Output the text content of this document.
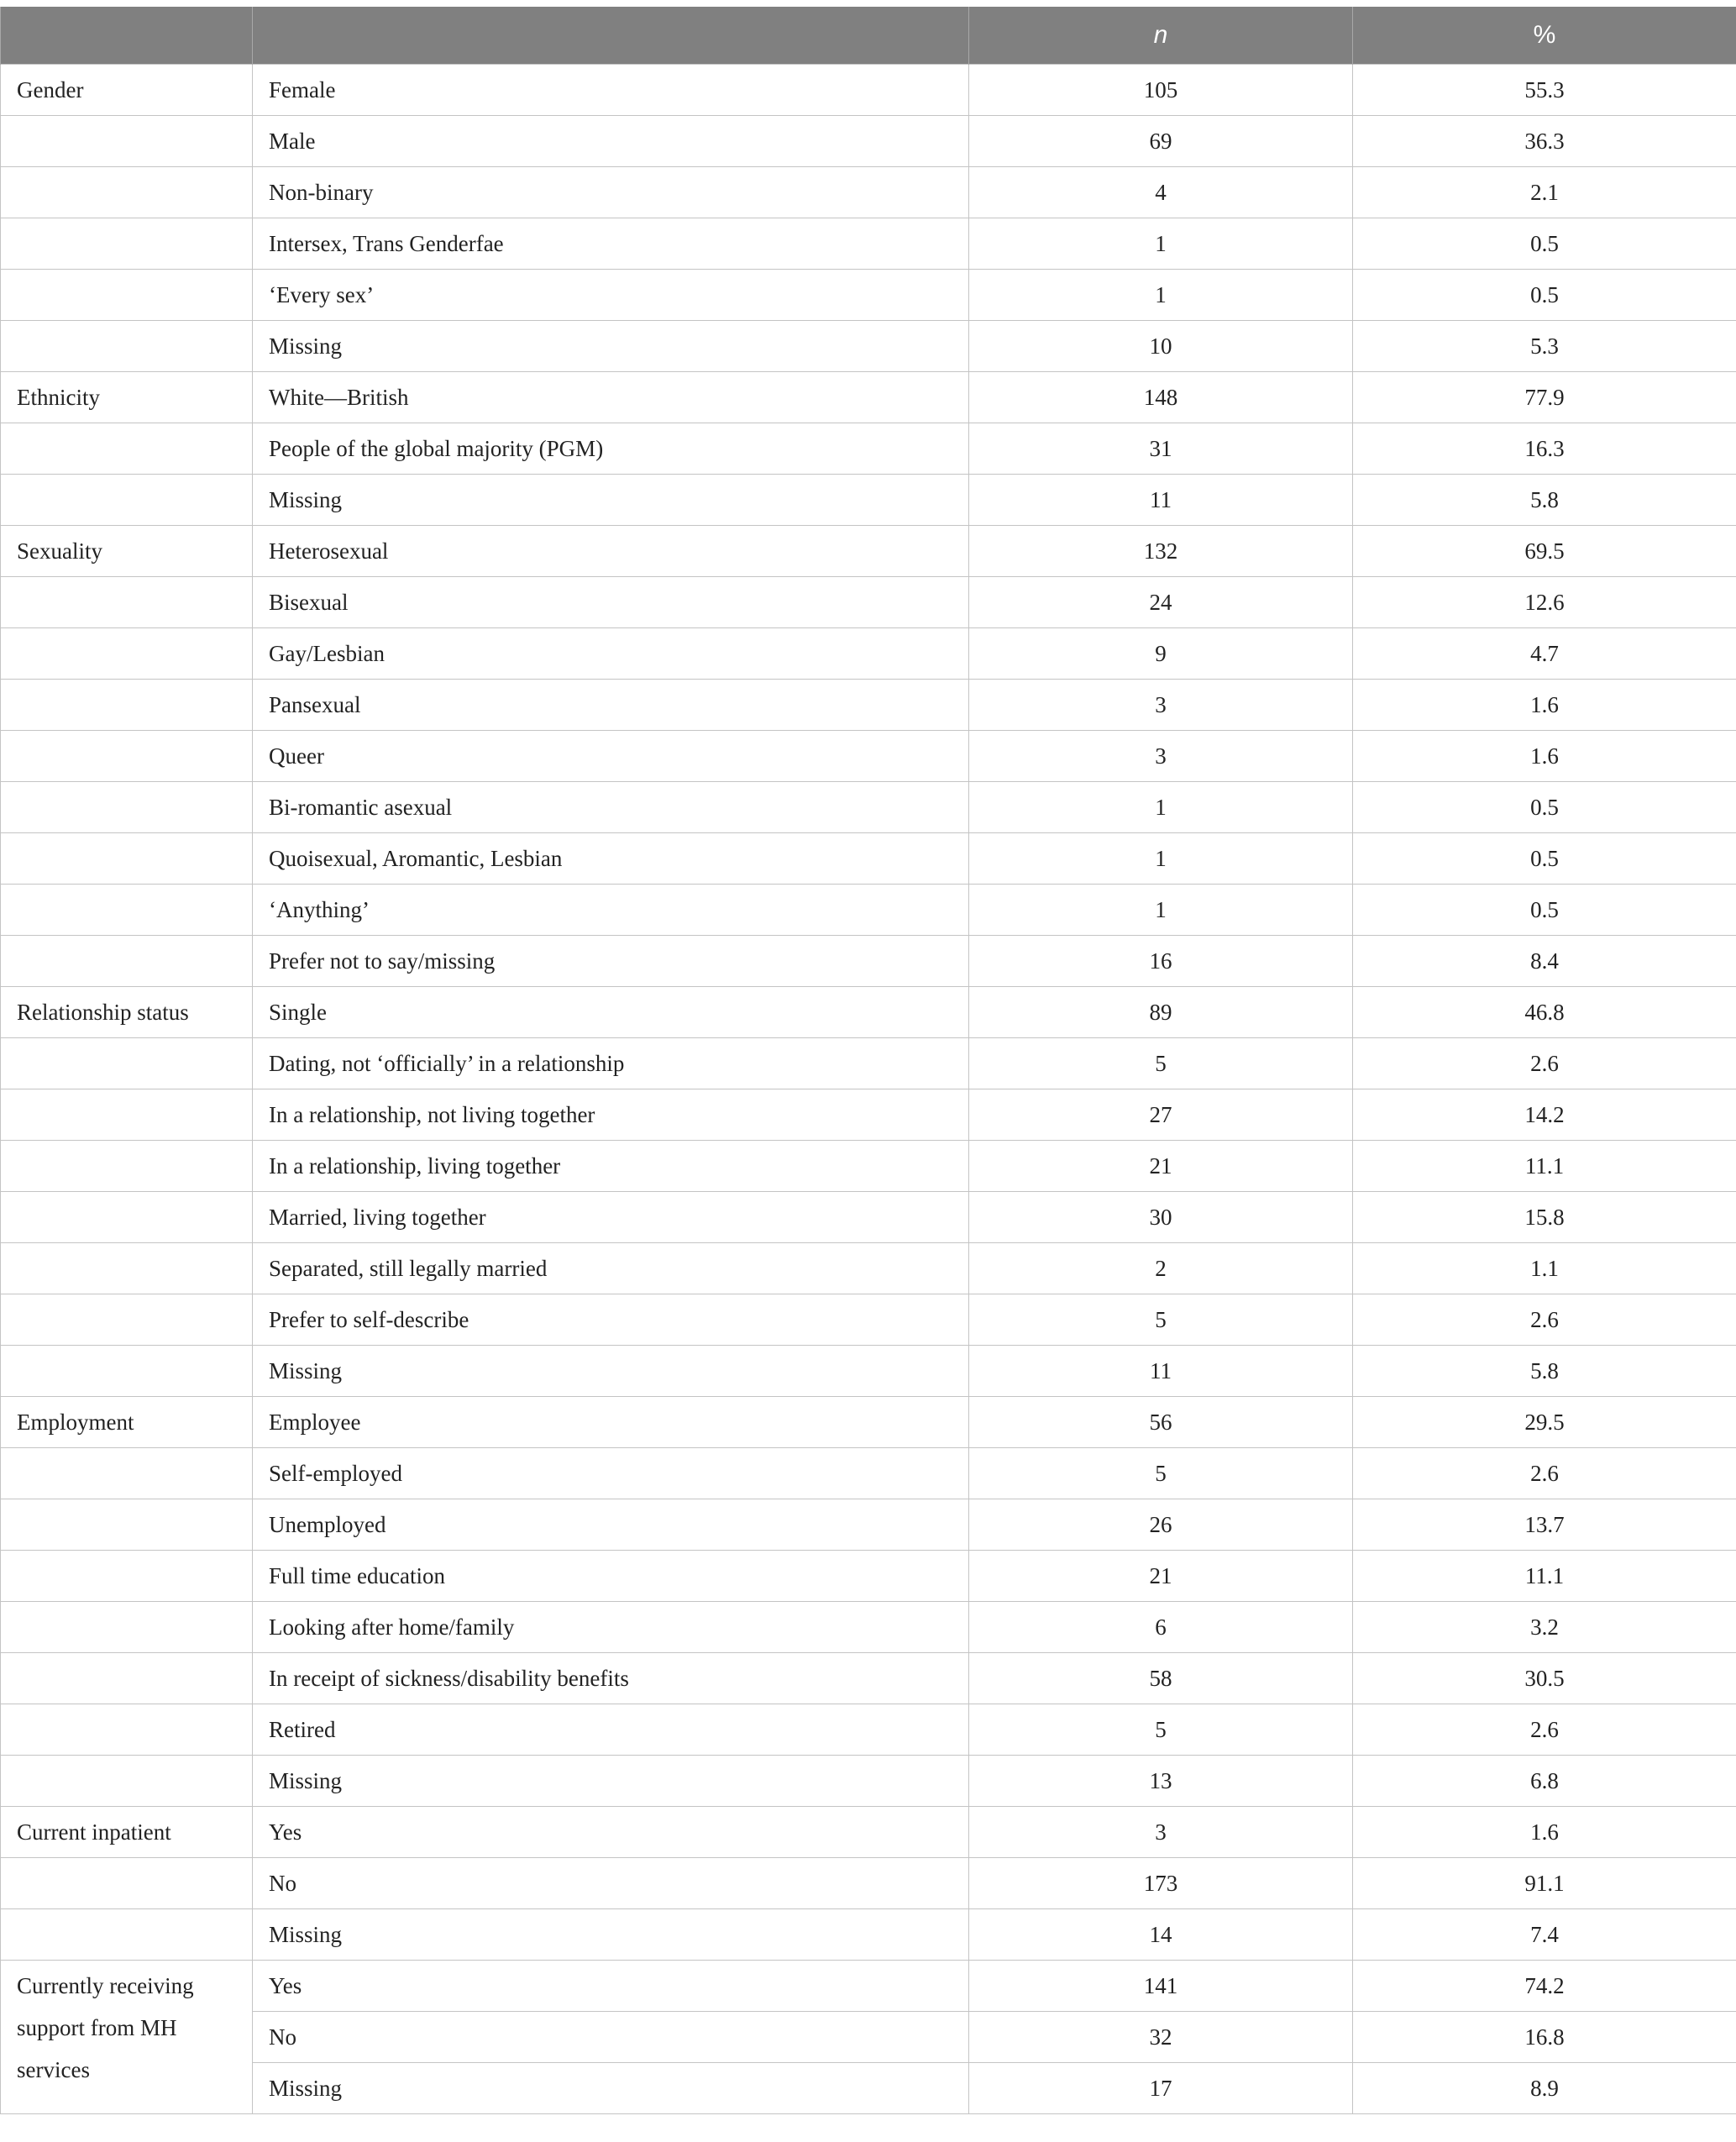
		n	%
Gender	Female	105	55.3
	Male	69	36.3
	Non-binary	4	2.1
	Intersex, Trans Genderfae	1	0.5
	‘Every sex’	1	0.5
	Missing	10	5.3
Ethnicity	White—British	148	77.9
	People of the global majority (PGM)	31	16.3
	Missing	11	5.8
Sexuality	Heterosexual	132	69.5
	Bisexual	24	12.6
	Gay/Lesbian	9	4.7
	Pansexual	3	1.6
	Queer	3	1.6
	Bi-romantic asexual	1	0.5
	Quoisexual, Aromantic, Lesbian	1	0.5
	‘Anything’	1	0.5
	Prefer not to say/missing	16	8.4
Relationship status	Single	89	46.8
	Dating, not ‘officially’ in a relationship	5	2.6
	In a relationship, not living together	27	14.2
	In a relationship, living together	21	11.1
	Married, living together	30	15.8
	Separated, still legally married	2	1.1
	Prefer to self-describe	5	2.6
	Missing	11	5.8
Employment	Employee	56	29.5
	Self-employed	5	2.6
	Unemployed	26	13.7
	Full time education	21	11.1
	Looking after home/family	6	3.2
	In receipt of sickness/disability benefits	58	30.5
	Retired	5	2.6
	Missing	13	6.8
Current inpatient	Yes	3	1.6
	No	173	91.1
	Missing	14	7.4
Currently receiving support from MH services	Yes	141	74.2
	No	32	16.8
	Missing	17	8.9
